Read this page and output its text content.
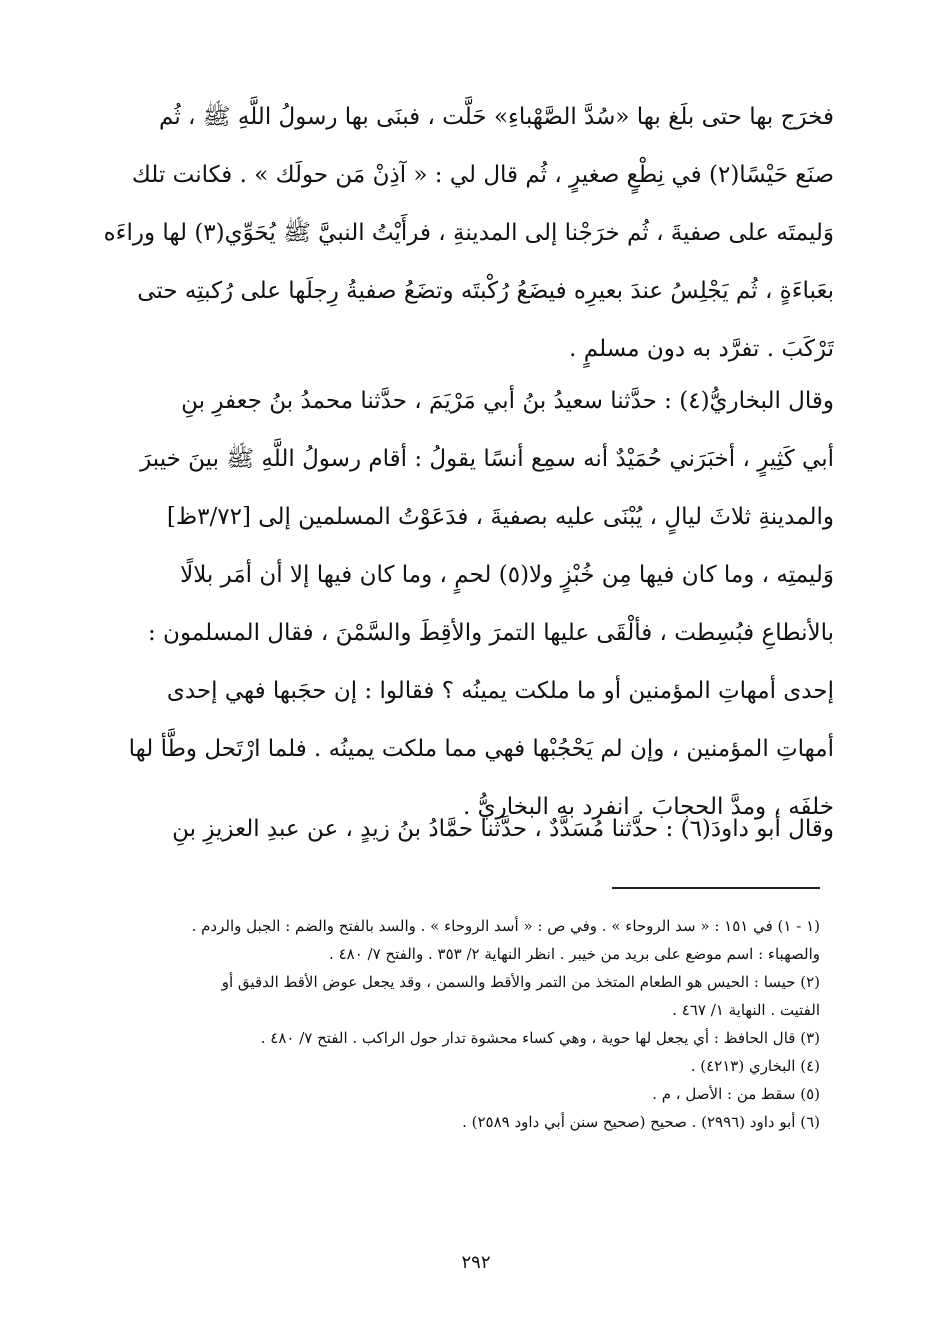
فخرَج بها حتى بلَغ بها «سُدَّ الصَّهْباءِ» حَلَّت ، فبنَى بها رسولُ اللَّهِ ﷺ ، ثُم
صنَع حَيْسًا(٢) في نِطْعٍ صغيرٍ ، ثُم قال لي : « آذِنْ مَن حولَك » . فكانت تلك
وَليمتَه على صفيةَ ، ثُم خرَجْنا إلى المدينةِ ، فرأَيْتُ النبيَّ ﷺ يُحَوِّي(٣) لها وراءَه
بعَباءَةٍ ، ثُم يَجْلِسُ عندَ بعيرِه فيضَعُ رُكْبتَه وتضَعُ صفيةُ رِجلَها على رُكبتِه حتى
تَرْكَبَ . تفرَّد به دون مسلمٍ .
وقال البخاريُّ(٤) : حدَّثنا سعيدُ بنُ أبي مَرْيَمَ ، حدَّثنا محمدُ بنُ جعفرِ بنِ
أبي كَثِيرٍ ، أخبَرَني حُمَيْدٌ أنه سمِع أنسًا يقولُ : أقام رسولُ اللَّهِ ﷺ بينَ خيبرَ
والمدينةِ ثلاثَ ليالٍ ، يُبْنَى عليه بصفيةَ ، فدَعَوْتُ المسلمين إلى [٣/٧٢ظ]
وَليمتِه ، وما كان فيها مِن خُبْزٍ ولا(٥) لحمٍ ، وما كان فيها إلا أن أمَر بلالًا
بالأنطاعِ فبُسِطت ، فألْقَى عليها التمرَ والأقِطَ والسَّمْنَ ، فقال المسلمون :
إحدى أمهاتِ المؤمنين أو ما ملكت يمينُه ؟ فقالوا : إن حجَبها فهي إحدى
أمهاتِ المؤمنين ، وإن لم يَحْجُبْها فهي مما ملكت يمينُه . فلما ارْتَحل وطَّأ لها
خلفَه ، ومدَّ الحجابَ . انفرد به البخاريُّ .
وقال أبو داودَ(٦) : حدَّثنا مُسَدَّدٌ ، حدَّثنا حمَّادُ بنُ زيدٍ ، عن عبدِ العزيزِ بنِ
(١ - ١) في ١٥١ : « سد الروحاء » . وفي ص : « أسد الروحاء » . والسد بالفتح والضم : الجبل والردم .
والصهباء : اسم موضع على بريد من خيبر . انظر النهاية ٢/ ٣٥٣ . والفتح ٧/ ٤٨٠ .
(٢) حيسا : الحيس هو الطعام المتخذ من التمر والأقط والسمن ، وقد يجعل عوض الأقط الدقيق أو
الفتيت . النهاية ١/ ٤٦٧ .
(٣) قال الحافظ : أي يجعل لها حوية ، وهي كساء محشوة تدار حول الراكب . الفتح ٧/ ٤٨٠ .
(٤) البخاري (٤٢١٣) .
(٥) سقط من : الأصل ، م .
(٦) أبو داود (٢٩٩٦) . صحيح (صحيح سنن أبي داود ٢٥٨٩) .
٢٩٢
